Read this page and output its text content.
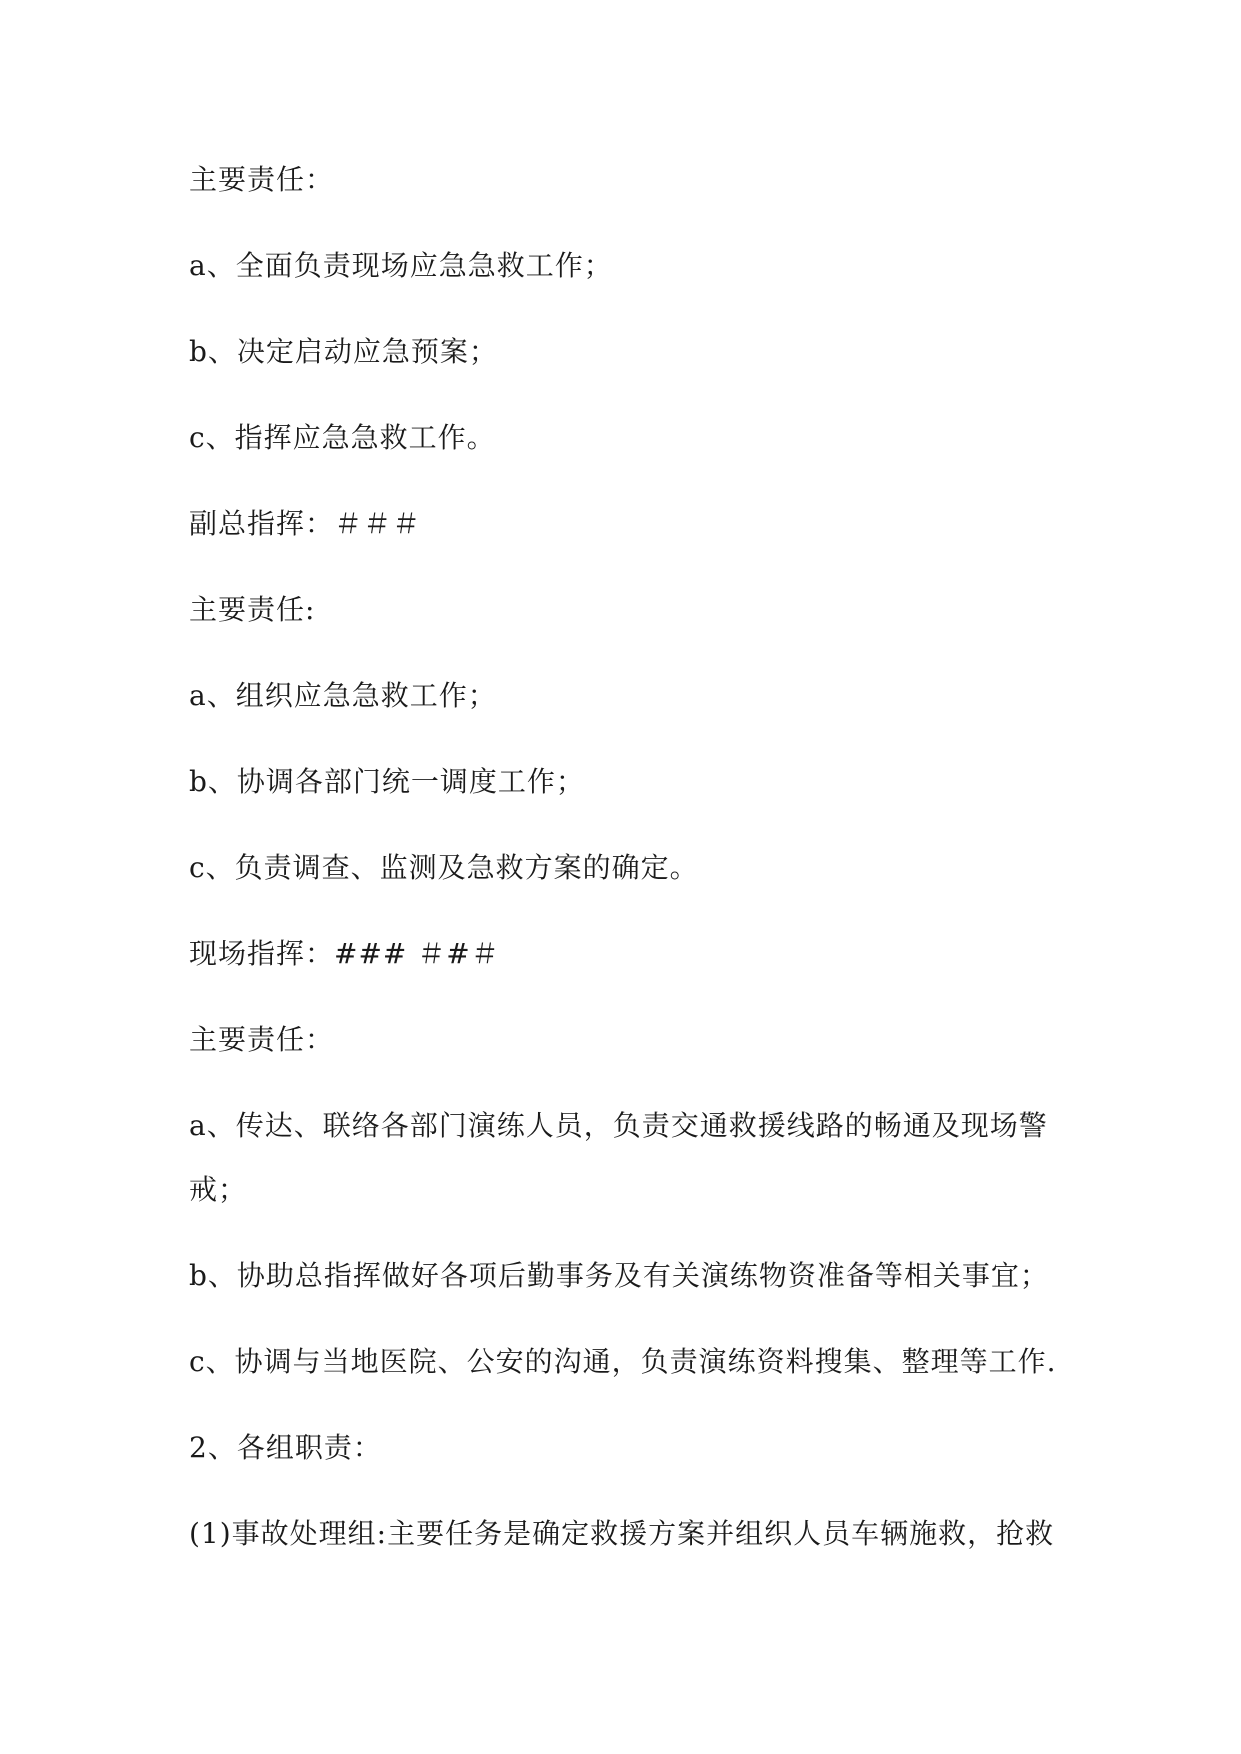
主要责任：
a、全面负责现场应急急救工作；
b、决定启动应急预案；
c、指挥应急急救工作。
副总指挥：＃＃＃
主要责任:
a、组织应急急救工作；
b、协调各部门统一调度工作；
c、负责调查、监测及急救方案的确定。
现场指挥：### ＃#＃
主要责任：
a、传达、联络各部门演练人员，负责交通救援线路的畅通及现场警
戒；
b、协助总指挥做好各项后勤事务及有关演练物资准备等相关事宜；
c、协调与当地医院、公安的沟通，负责演练资料搜集、整理等工作.
2、各组职责：
(1)事故处理组:主要任务是确定救援方案并组织人员车辆施救，抢救
